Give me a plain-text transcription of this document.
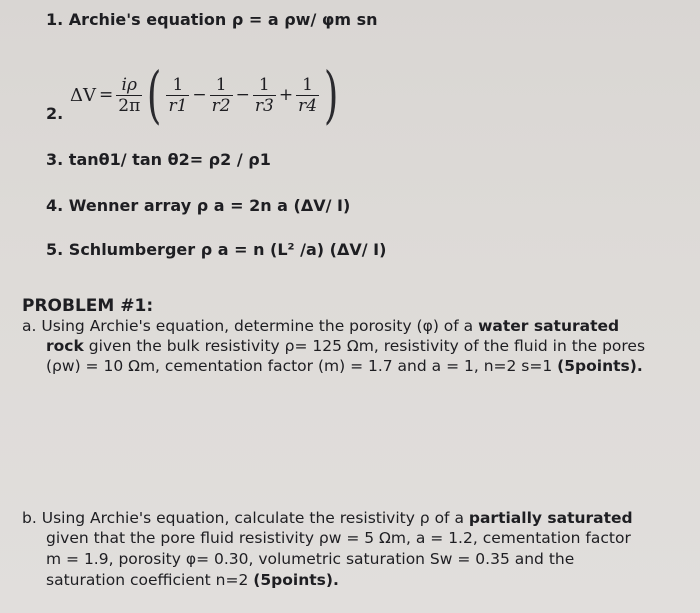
1. Archie's equation ρ = a ρw/ φm sn
2.
$\Delta V = \frac{i\rho}{2\pi}$ ( $\frac{1}{r1} - \frac{1}{r2} - \frac{1}{r3} + \frac{1}{r4}$ )
3. tanθ1/ tan θ2= ρ2 / ρ1
4. Wenner array ρ a = 2n a (ΔV/ I)
5. Schlumberger ρ a = n (L² /a) (ΔV/ I)
PROBLEM #1:
a. Using Archie's equation, determine the porosity (φ) of a water saturated
rock given the bulk resistivity ρ= 125 Ωm, resistivity of the fluid in the pores
(ρw) = 10 Ωm, cementation factor (m) = 1.7 and a = 1, n=2 s=1 (5points).
b. Using Archie's equation, calculate the resistivity ρ of a partially saturated
given that the pore fluid resistivity ρw = 5 Ωm, a = 1.2, cementation factor
m = 1.9, porosity φ= 0.30, volumetric saturation Sw = 0.35 and the
saturation coefficient n=2 (5points).
